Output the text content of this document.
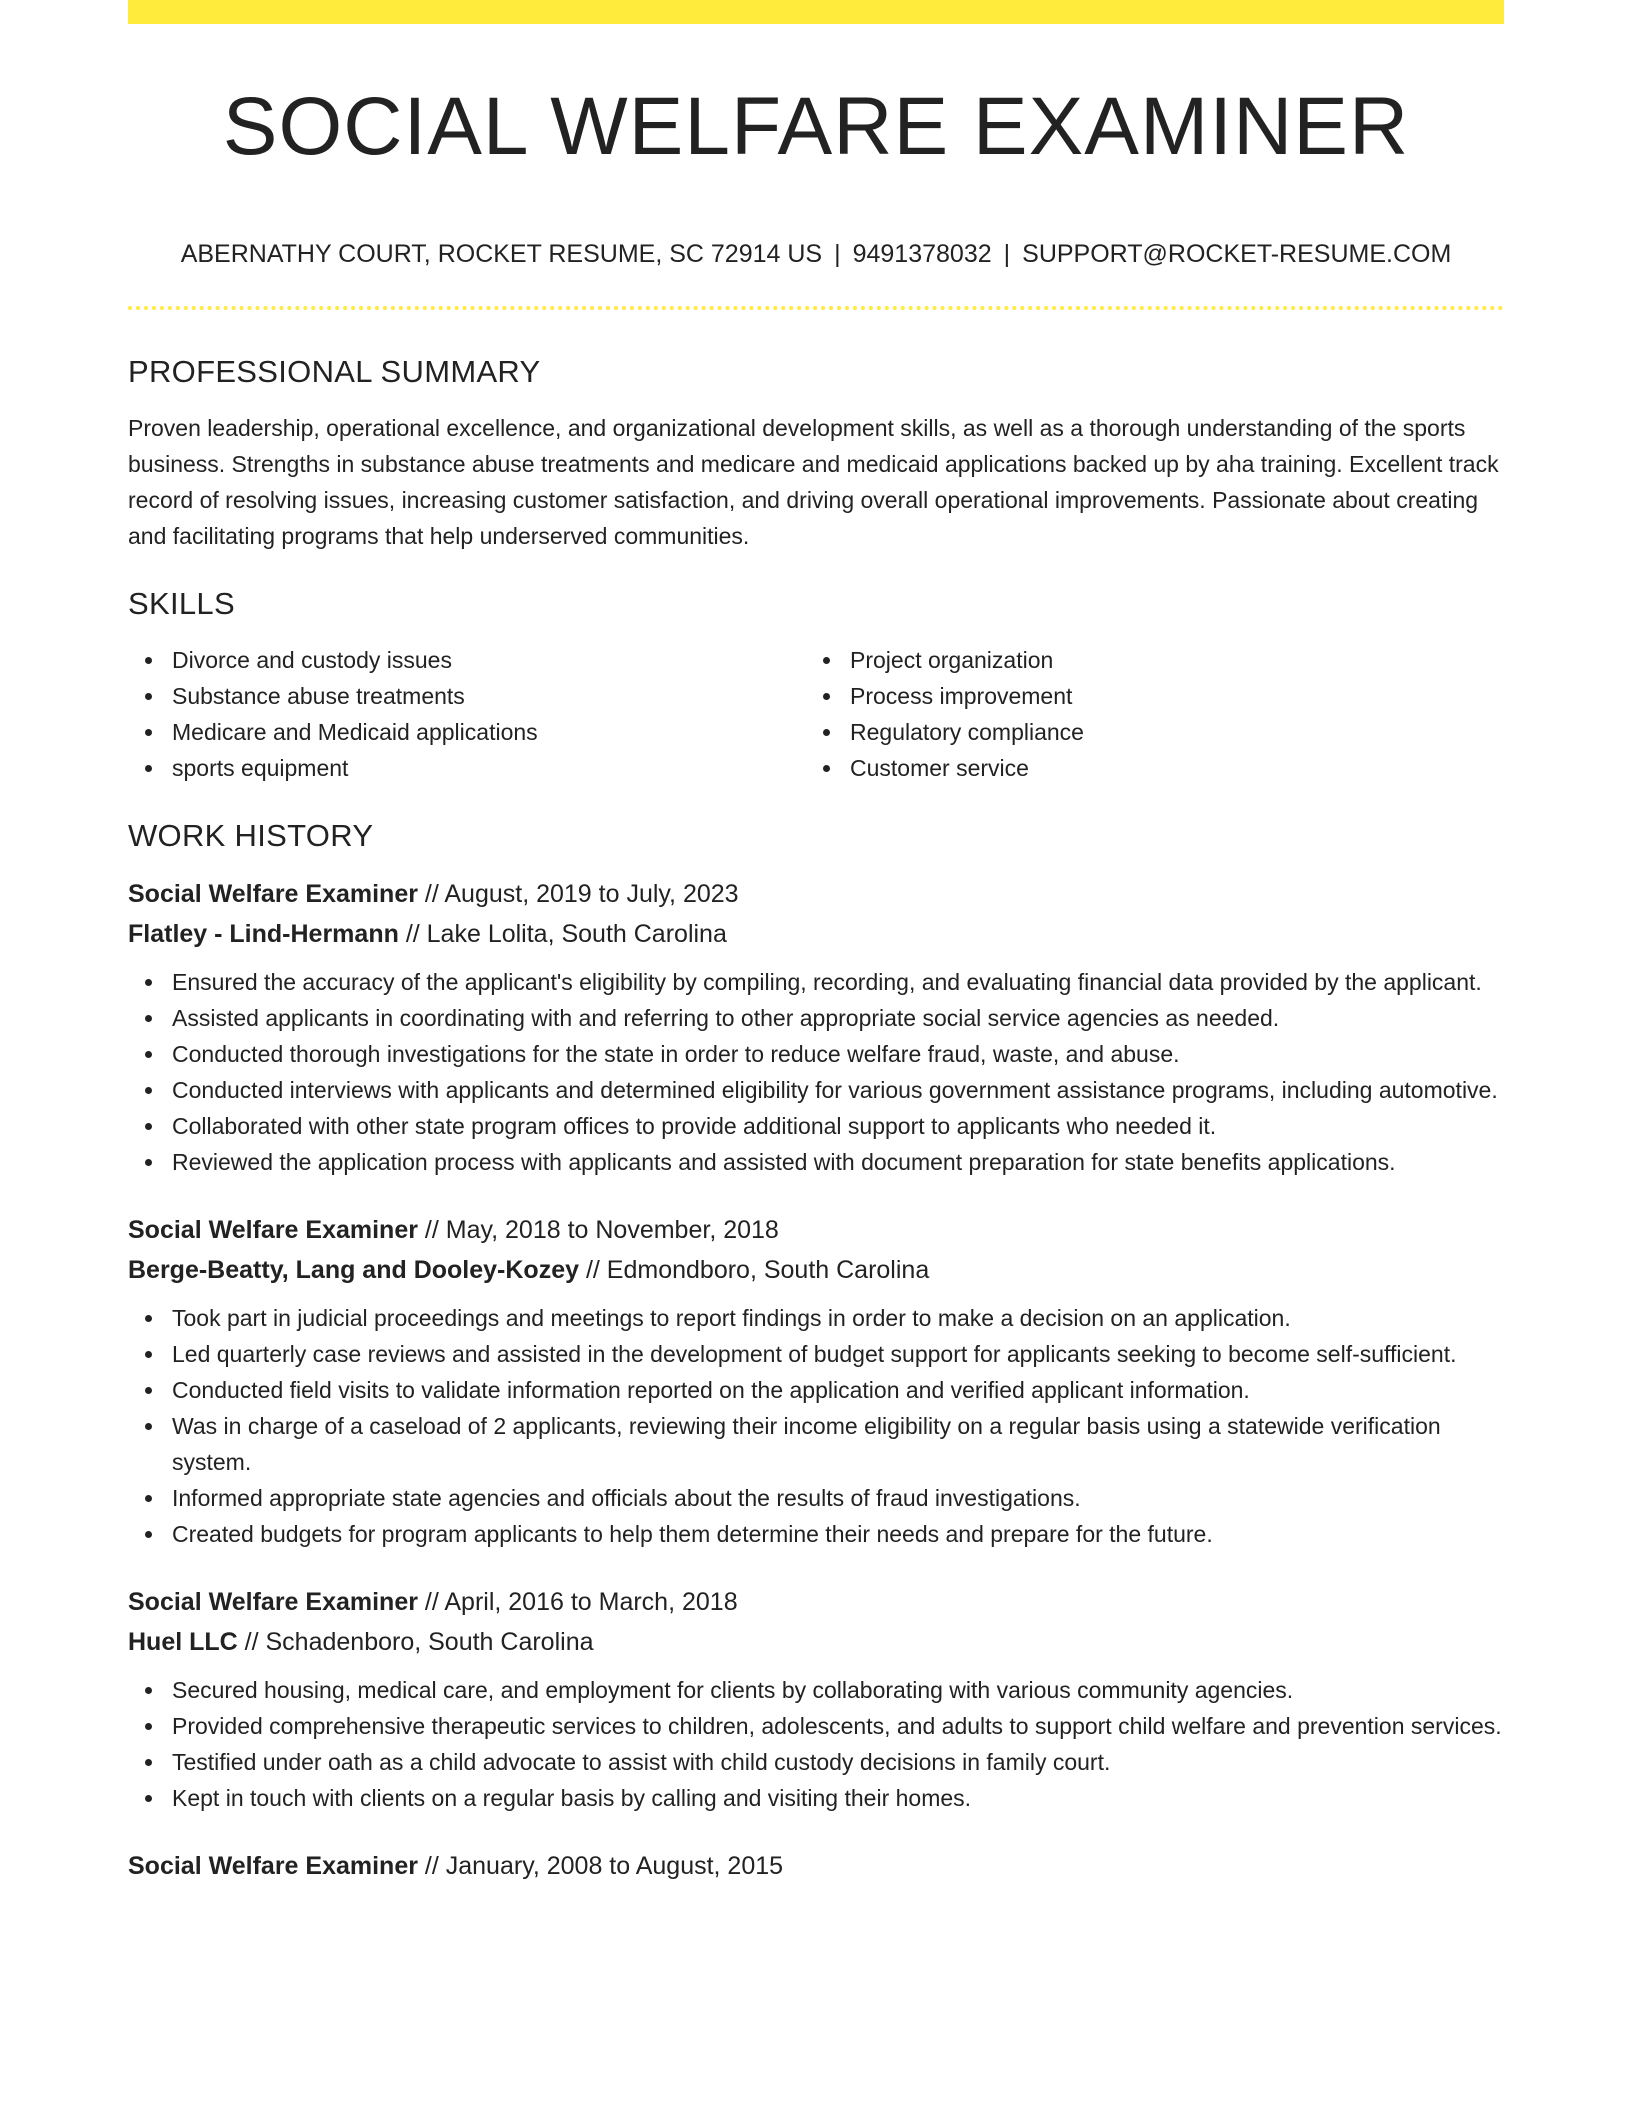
SOCIAL WELFARE EXAMINER
ABERNATHY COURT, ROCKET RESUME, SC 72914 US | 9491378032 | SUPPORT@ROCKET-RESUME.COM
PROFESSIONAL SUMMARY

Proven leadership, operational excellence, and organizational development skills, as well as a thorough understanding of the sports business. Strengths in substance abuse treatments and medicare and medicaid applications backed up by aha training. Excellent track record of resolving issues, increasing customer satisfaction, and driving overall operational improvements. Passionate about creating and facilitating programs that help underserved communities.

SKILLS
Divorce and custody issues
Substance abuse treatments
Medicare and Medicaid applications
sports equipment
Project organization
Process improvement
Regulatory compliance
Customer service
WORK HISTORY
Social Welfare Examiner // August, 2019 to July, 2023
Flatley - Lind-Hermann // Lake Lolita, South Carolina
Ensured the accuracy of the applicant's eligibility by compiling, recording, and evaluating financial data provided by the applicant.
Assisted applicants in coordinating with and referring to other appropriate social service agencies as needed.
Conducted thorough investigations for the state in order to reduce welfare fraud, waste, and abuse.
Conducted interviews with applicants and determined eligibility for various government assistance programs, including automotive.
Collaborated with other state program offices to provide additional support to applicants who needed it.
Reviewed the application process with applicants and assisted with document preparation for state benefits applications.
Social Welfare Examiner // May, 2018 to November, 2018
Berge-Beatty, Lang and Dooley-Kozey // Edmondboro, South Carolina
Took part in judicial proceedings and meetings to report findings in order to make a decision on an application.
Led quarterly case reviews and assisted in the development of budget support for applicants seeking to become self-sufficient.
Conducted field visits to validate information reported on the application and verified applicant information.
Was in charge of a caseload of 2 applicants, reviewing their income eligibility on a regular basis using a statewide verification system.
Informed appropriate state agencies and officials about the results of fraud investigations.
Created budgets for program applicants to help them determine their needs and prepare for the future.
Social Welfare Examiner // April, 2016 to March, 2018
Huel LLC // Schadenboro, South Carolina
Secured housing, medical care, and employment for clients by collaborating with various community agencies.
Provided comprehensive therapeutic services to children, adolescents, and adults to support child welfare and prevention services.
Testified under oath as a child advocate to assist with child custody decisions in family court.
Kept in touch with clients on a regular basis by calling and visiting their homes.
Social Welfare Examiner // January, 2008 to August, 2015
